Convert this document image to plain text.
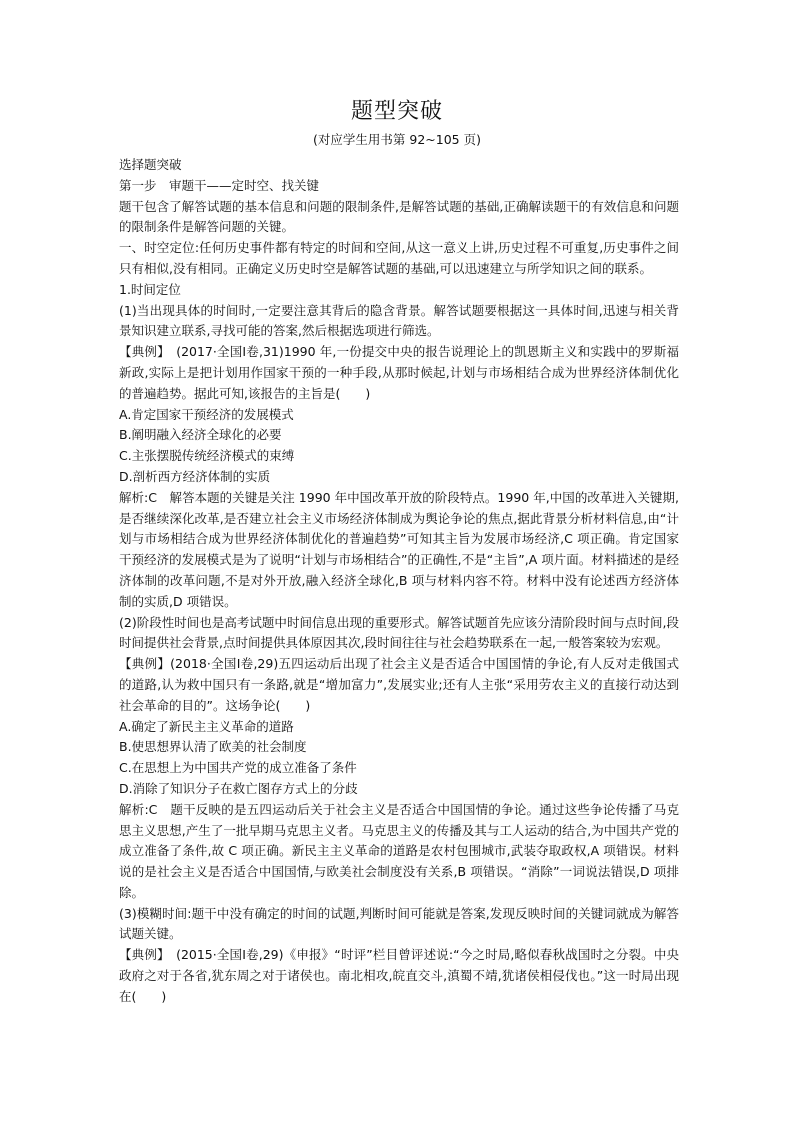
题型突破
(对应学生用书第 92~105 页)

选择题突破

第一步　审题干——定时空、找关键

题干包含了解答试题的基本信息和问题的限制条件,是解答试题的基础,正确解读题干的有效信息和问题的限制条件是解答问题的关键。

一、时空定位:任何历史事件都有特定的时间和空间,从这一意义上讲,历史过程不可重复,历史事件之间只有相似,没有相同。正确定义历史时空是解答试题的基础,可以迅速建立与所学知识之间的联系。

1.时间定位

(1)当出现具体的时间时,一定要注意其背后的隐含背景。解答试题要根据这一具体时间,迅速与相关背景知识建立联系,寻找可能的答案,然后根据选项进行筛选。

【典例】　(2017·全国Ⅰ卷,31)1990 年,一份提交中央的报告说理论上的凯恩斯主义和实践中的罗斯福新政,实际上是把计划用作国家干预的一种手段,从那时候起,计划与市场相结合成为世界经济体制优化的普遍趋势。据此可知,该报告的主旨是(　　)

A.肯定国家干预经济的发展模式

B.阐明融入经济全球化的必要

C.主张摆脱传统经济模式的束缚

D.剖析西方经济体制的实质

解析:C　解答本题的关键是关注 1990 年中国改革开放的阶段特点。1990 年,中国的改革进入关键期,是否继续深化改革,是否建立社会主义市场经济体制成为舆论争论的焦点,据此背景分析材料信息,由“计划与市场相结合成为世界经济体制优化的普遍趋势”可知其主旨为发展市场经济,C 项正确。肯定国家干预经济的发展模式是为了说明“计划与市场相结合”的正确性,不是“主旨”,A 项片面。材料描述的是经济体制的改革问题,不是对外开放,融入经济全球化,B 项与材料内容不符。材料中没有论述西方经济体制的实质,D 项错误。

(2)阶段性时间也是高考试题中时间信息出现的重要形式。解答试题首先应该分清阶段时间与点时间,段时间提供社会背景,点时间提供具体原因其次,段时间往往与社会趋势联系在一起,一般答案较为宏观。

【典例】(2018·全国Ⅰ卷,29)五四运动后出现了社会主义是否适合中国国情的争论,有人反对走俄国式的道路,认为救中国只有一条路,就是“增加富力”,发展实业;还有人主张“采用劳农主义的直接行动达到社会革命的目的”。这场争论(　　)

A.确定了新民主主义革命的道路

B.使思想界认清了欧美的社会制度

C.在思想上为中国共产党的成立准备了条件

D.消除了知识分子在救亡图存方式上的分歧

解析:C　题干反映的是五四运动后关于社会主义是否适合中国国情的争论。通过这些争论传播了马克思主义思想,产生了一批早期马克思主义者。马克思主义的传播及其与工人运动的结合,为中国共产党的成立准备了条件,故 C 项正确。新民主主义革命的道路是农村包围城市,武装夺取政权,A 项错误。材料说的是社会主义是否适合中国国情,与欧美社会制度没有关系,B 项错误。“消除”一词说法错误,D 项排除。

(3)模糊时间:题干中没有确定的时间的试题,判断时间可能就是答案,发现反映时间的关键词就成为解答试题关键。

【典例】　(2015·全国Ⅰ卷,29)《申报》“时评”栏目曾评述说:“今之时局,略似春秋战国时之分裂。中央政府之对于各省,犹东周之对于诸侯也。南北相攻,皖直交斗,滇蜀不靖,犹诸侯相侵伐也。”这一时局出现在(　　)
